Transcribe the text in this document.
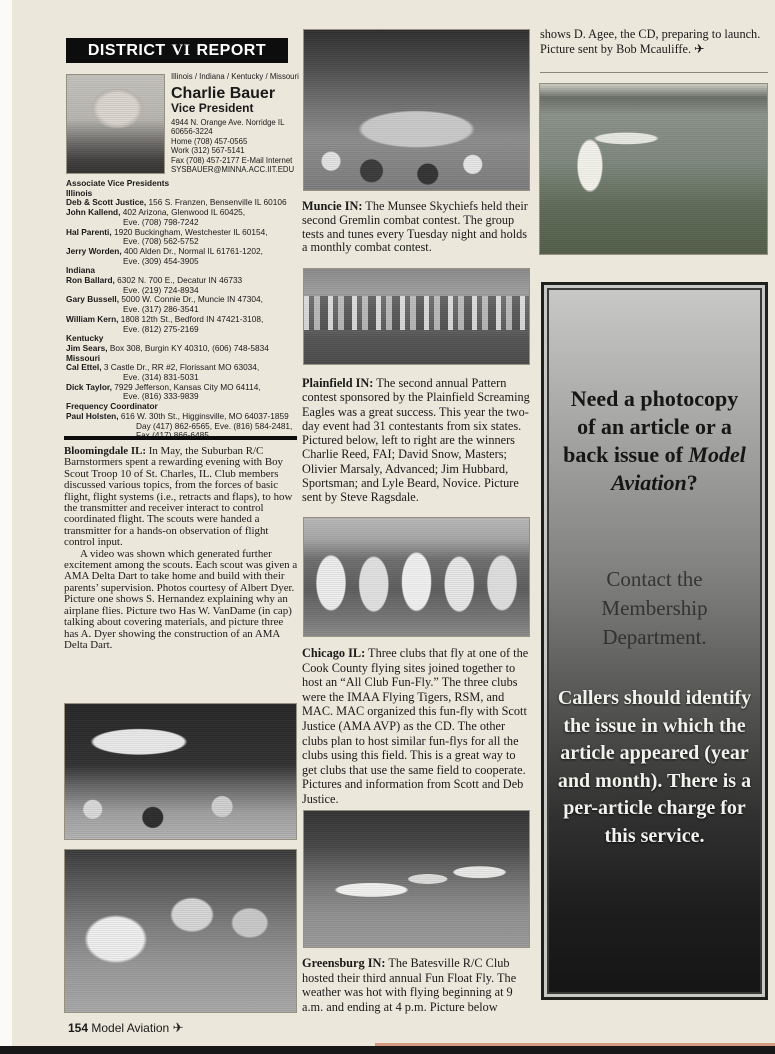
DISTRICT VI REPORT
Illinois / Indiana / Kentucky / Missouri
Charlie Bauer
Vice President
4944 N. Orange Ave. Norridge IL
60656-3224
Home (708) 457-0565
Work (312) 567-5141
Fax (708) 457-2177 E-Mail Internet
SYSBAUER@MINNA.ACC.IIT.EDU
Associate Vice Presidents
Illinois
Deb & Scott Justice, 156 S. Franzen, Bensenville IL 60106
John Kallend, 402 Arizona, Glenwood IL 60425,
Eve. (708) 798-7242
Hal Parenti, 1920 Buckingham, Westchester IL 60154,
Eve. (708) 562-5752
Jerry Worden, 400 Alden Dr., Normal IL 61761-1202,
Eve. (309) 454-3905
Indiana
Ron Ballard, 6302 N. 700 E., Decatur IN 46733
Eve. (219) 724-8934
Gary Bussell, 5000 W. Connie Dr., Muncie IN 47304,
Eve. (317) 286-3541
William Kern, 1808 12th St., Bedford IN 47421-3108,
Eve. (812) 275-2169
Kentucky
Jim Sears, Box 308, Burgin KY 40310, (606) 748-5834
Missouri
Cal Ettel, 3 Castle Dr., RR #2, Florissant MO 63034,
Eve. (314) 831-5031
Dick Taylor, 7929 Jefferson, Kansas City MO 64114,
Eve. (816) 333-9839
Frequency Coordinator
Paul Holsten, 616 W. 30th St., Higginsville, MO 64037-1859
Day (417) 862-6565, Eve. (816) 584-2481,

Bloomingdale IL: In May, the Suburban R/C Barnstormers spent a rewarding evening with Boy Scout Troop 10 of St. Charles, IL. Club members discussed various topics, from the forces of basic flight, flight systems (i.e., retracts and flaps), to how the transmitter and receiver interact to control coordinated flight. The scouts were handed a transmitter for a hands-on observation of flight control input.

A video was shown which generated further excitement among the scouts. Each scout was given a AMA Delta Dart to take home and build with their parents’ supervision. Photos courtesy of Albert Dyer. Picture one shows S. Hernandez explaining why an airplane flies. Picture two Has W. VanDame (in cap) talking about covering materials, and picture three has A. Dyer showing the construction of an AMA Delta Dart.

154 Model Aviation ✈
Muncie IN: The Munsee Skychiefs held their second Gremlin combat contest. The group tests and tunes every Tuesday night and holds a monthly combat contest.
Plainfield IN: The second annual Pattern contest sponsored by the Plainfield Screaming Eagles was a great success. This year the two-day event had 31 contestants from six states. Pictured below, left to right are the winners Charlie Reed, FAI; David Snow, Masters; Olivier Marsaly, Advanced; Jim Hubbard, Sportsman; and Lyle Beard, Novice. Picture sent by Steve Ragsdale.
Chicago IL: Three clubs that fly at one of the Cook County flying sites joined together to host an “All Club Fun-Fly.” The three clubs were the IMAA Flying Tigers, RSM, and MAC. MAC organized this fun-fly with Scott Justice (AMA AVP) as the CD. The other clubs plan to host similar fun-flys for all the clubs using this field. This is a great way to get clubs that use the same field to cooperate. Pictures and information from Scott and Deb Justice.
Greensburg IN: The Batesville R/C Club hosted their third annual Fun Float Fly. The weather was hot with flying beginning at 9 a.m. and ending at 4 p.m. Picture below
shows D. Agee, the CD, preparing to launch. Picture sent by Bob Mcauliffe. ✈
Need a photocopy of an article or a back issue of Model Aviation?
Contact the Membership Department.
Callers should identify the issue in which the article appeared (year and month). There is a per-article charge for this service.
